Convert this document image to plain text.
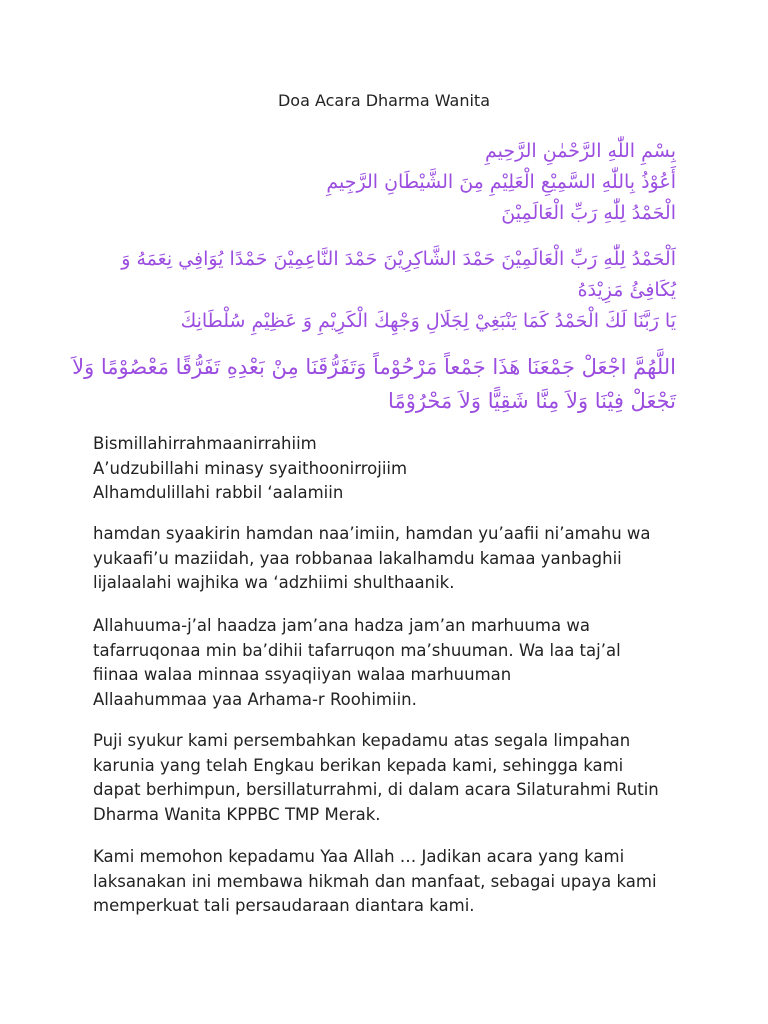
Doa Acara Dharma Wanita
بِسْمِ اللّٰهِ الرَّحْمٰنِ الرَّحِيمِ
أَعُوْذُ بِاللّٰهِ السَّمِيْعِ الْعَلِيْمِ مِنَ الشَّيْطَانِ الرَّجِيمِ
الْحَمْدُ لِلّٰهِ رَبِّ الْعَالَمِيْنَ
اَلْحَمْدُ لِلّٰهِ رَبِّ الْعَالَمِيْنَ حَمْدَ الشَّاكِرِيْنَ حَمْدَ النَّاعِمِيْنَ حَمْدًا يُوَافِي نِعَمَهُ وَ
يُكَافِئُ مَزِيْدَهُ
يَا رَبَّنَا لَكَ الْحَمْدُ كَمَا يَنْبَغِيْ لِجَلَالِ وَجْهِكَ الْكَرِيْمِ وَ عَظِيْمِ سُلْطَانِكَ
اللَّهُمَّ اجْعَلْ جَمْعَنَا هَذَا جَمْعاً مَرْحُوْماً وَتَفَرُّقَنَا مِنْ بَعْدِهِ تَفَرُّقًا مَعْصُوْمًا وَلاَ
تَجْعَلْ فِيْنَا وَلاَ مِنَّا شَقِيًّا وَلاَ مَحْرُوْمًا
Bismillahirrahmaanirrahiim
A’udzubillahi minasy syaithoonirrojiim
Alhamdulillahi rabbil ‘aalamiin
hamdan syaakirin hamdan naa’imiin, hamdan yu’aafii ni’amahu wa
yukaafi’u maziidah, yaa robbanaa lakalhamdu kamaa yanbaghii
lijalaalahi wajhika wa ‘adzhiimi shulthaanik.
Allahuuma-j’al haadza jam’ana hadza jam’an marhuuma wa
tafarruqonaa min ba’dihii tafarruqon ma’shuuman. Wa laa taj’al
fiinaa walaa minnaa ssyaqiiyan walaa marhuuman
Allaahummaa yaa Arhama-r Roohimiin.
Puji syukur kami persembahkan kepadamu atas segala limpahan
karunia yang telah Engkau berikan kepada kami, sehingga kami
dapat berhimpun, bersillaturrahmi, di dalam acara Silaturahmi Rutin
Dharma Wanita KPPBC TMP Merak.
Kami memohon kepadamu Yaa Allah … Jadikan acara yang kami
laksanakan ini membawa hikmah dan manfaat, sebagai upaya kami
memperkuat tali persaudaraan diantara kami.
